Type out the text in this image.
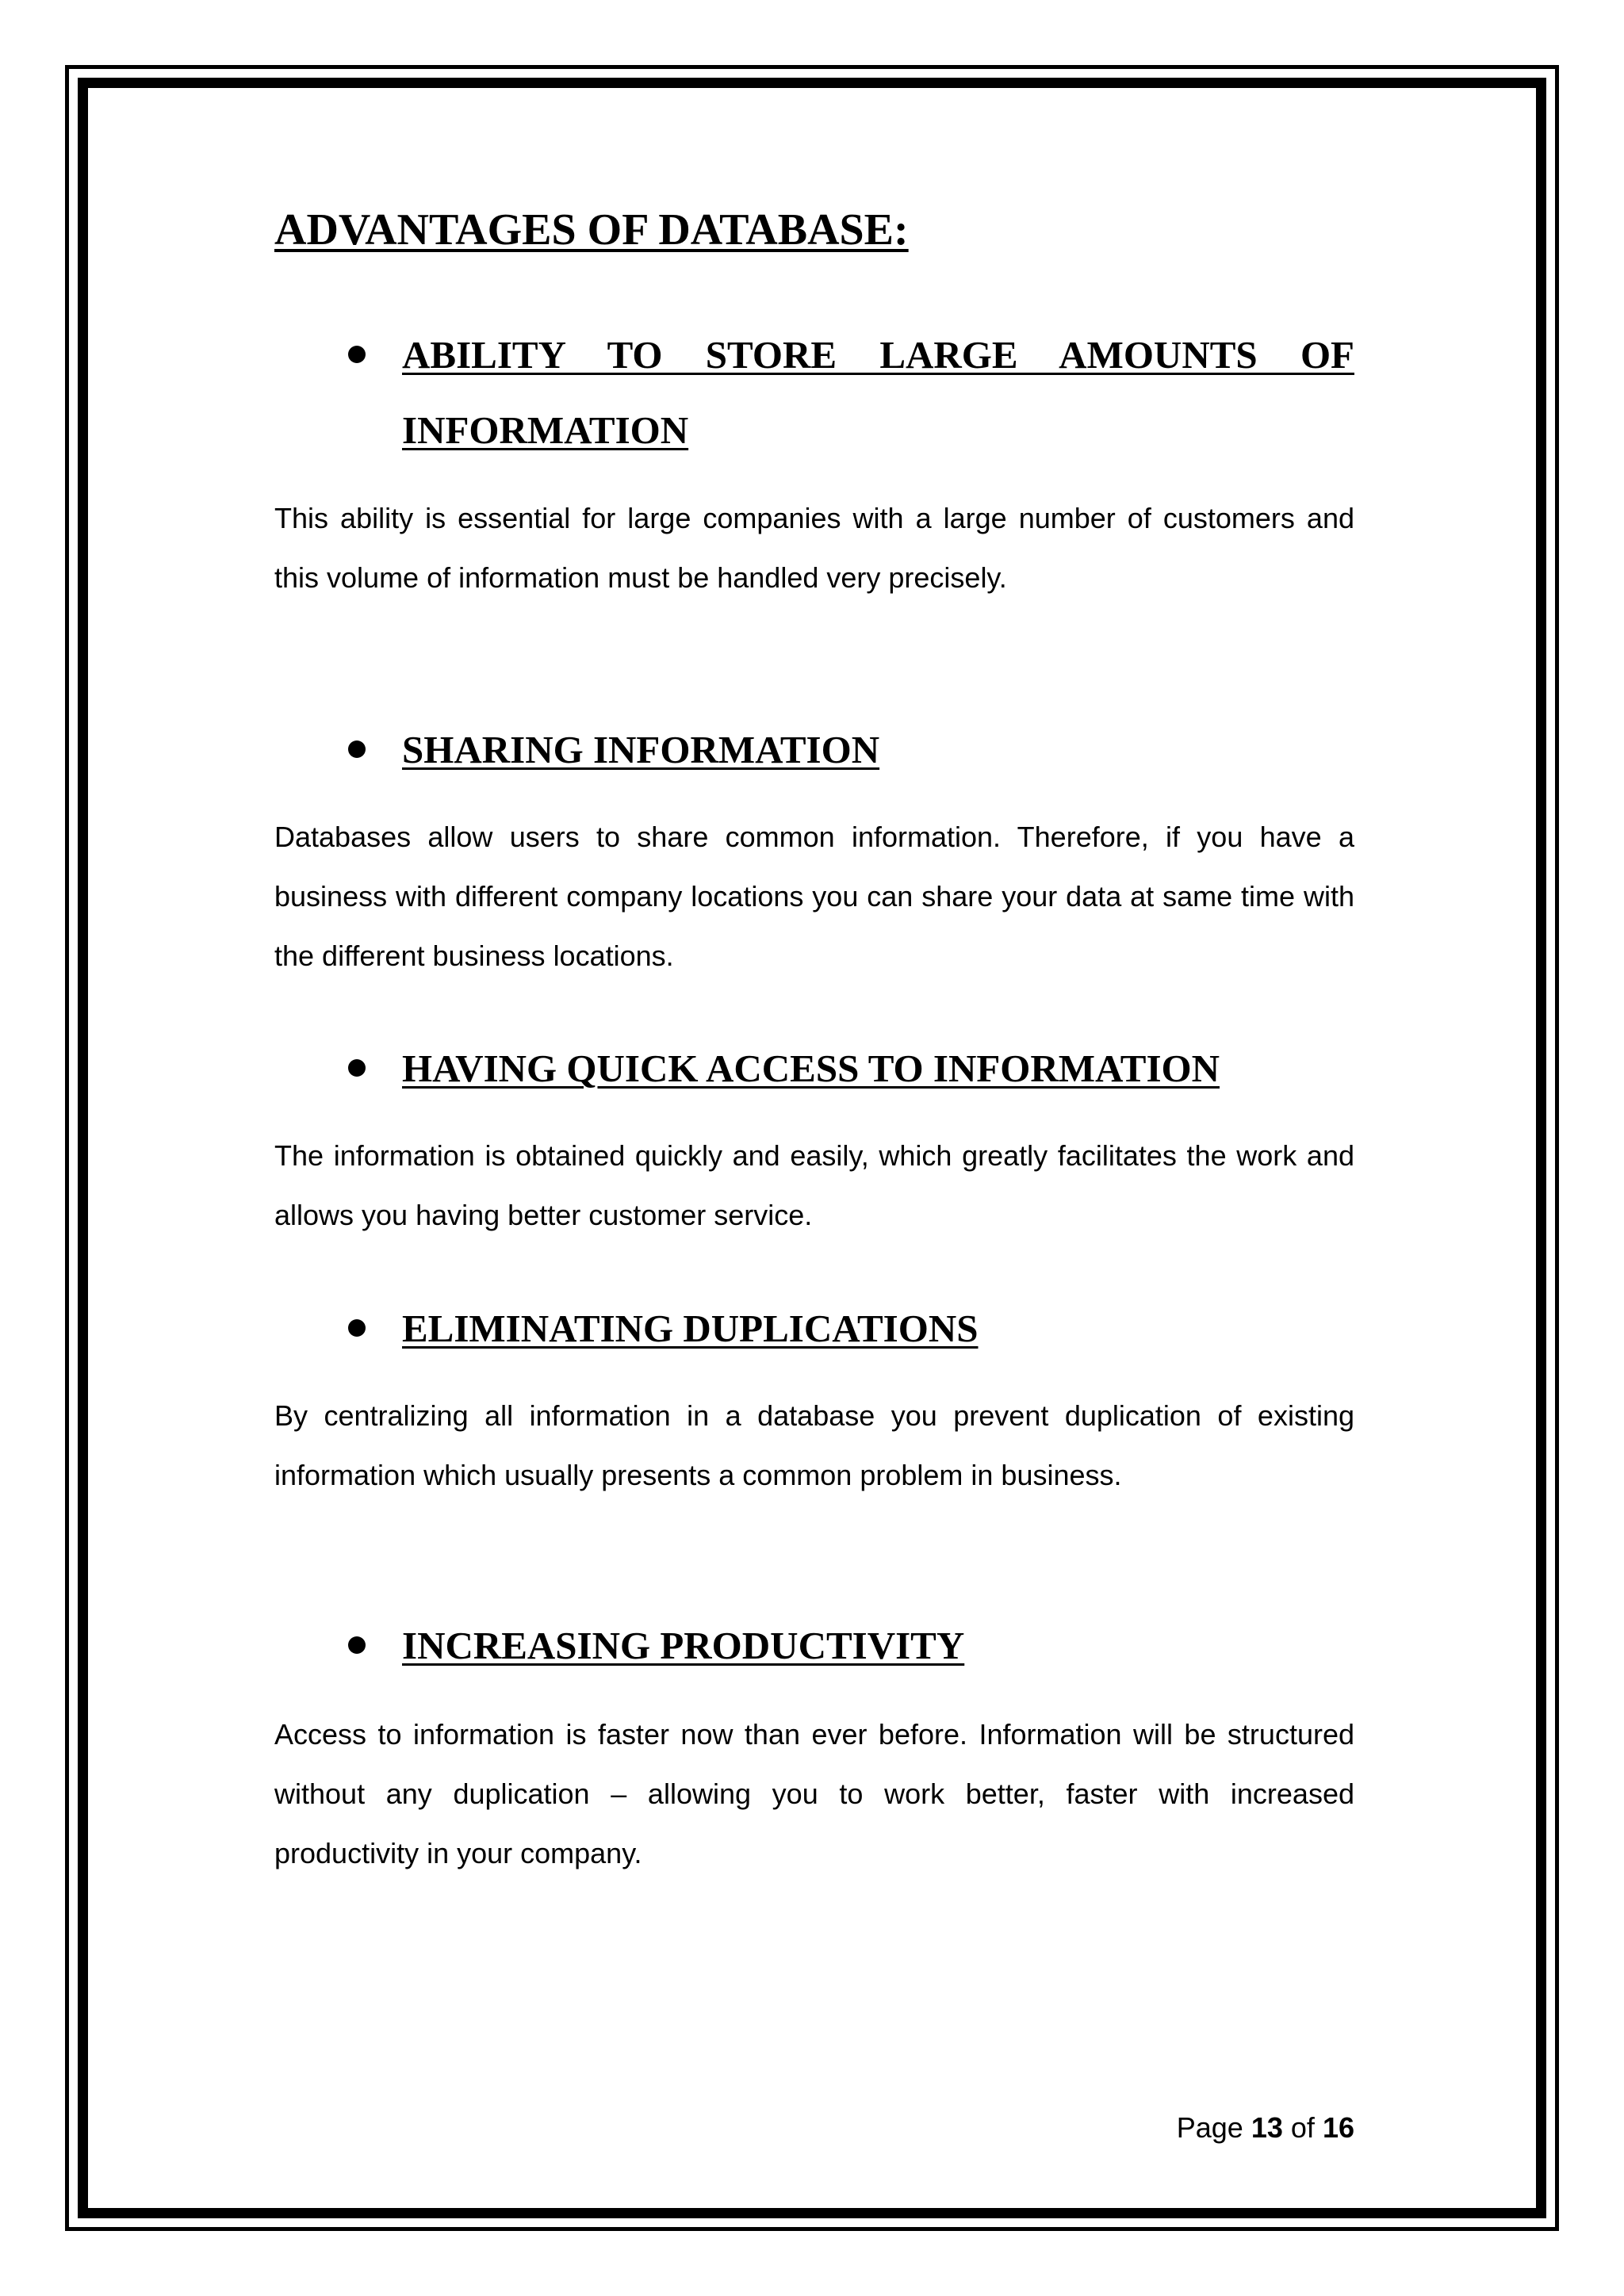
ADVANTAGES OF DATABASE:
ABILITY TO STORE LARGE AMOUNTS OF INFORMATION

This ability is essential for large companies with a large number of customers and this volume of information must be handled very precisely.

SHARING INFORMATION

Databases allow users to share common information. Therefore, if you have a business with different company locations you can share your data at same time with the different business locations.

HAVING QUICK ACCESS TO INFORMATION

The information is obtained quickly and easily, which greatly facilitates the work and allows you having better customer service.

ELIMINATING DUPLICATIONS

By centralizing all information in a database you prevent duplication of existing information which usually presents a common problem in business.

INCREASING PRODUCTIVITY

Access to information is faster now than ever before. Information will be structured without any duplication – allowing you to work better, faster with increased productivity in your company.

Page 13 of 16
